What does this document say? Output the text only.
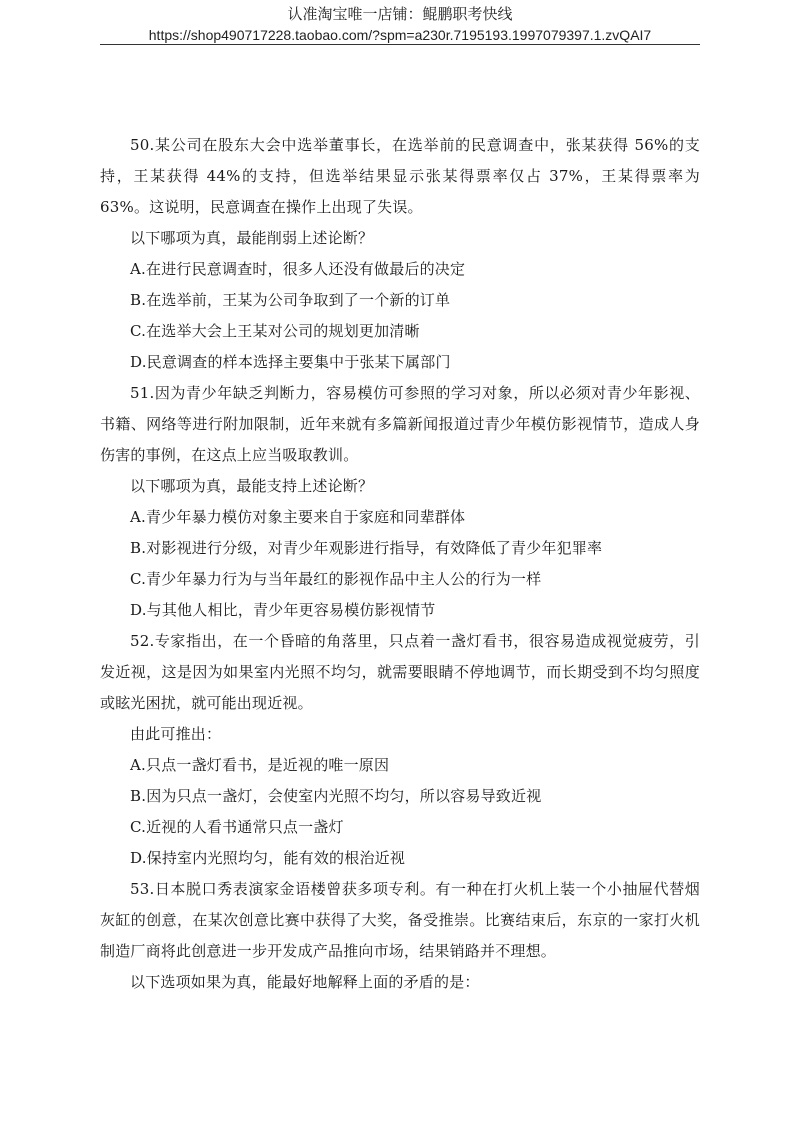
认准淘宝唯一店铺：鲲鹏职考快线
https://shop490717228.taobao.com/?spm=a230r.7195193.1997079397.1.zvQAI7

50.某公司在股东大会中选举董事长，在选举前的民意调查中，张某获得 56%的支持，王某获得 44%的支持，但选举结果显示张某得票率仅占 37%，王某得票率为 63%。这说明，民意调查在操作上出现了失误。

以下哪项为真，最能削弱上述论断？

A.在进行民意调查时，很多人还没有做最后的决定

B.在选举前，王某为公司争取到了一个新的订单

C.在选举大会上王某对公司的规划更加清晰

D.民意调查的样本选择主要集中于张某下属部门

51.因为青少年缺乏判断力，容易模仿可参照的学习对象，所以必须对青少年影视、书籍、网络等进行附加限制，近年来就有多篇新闻报道过青少年模仿影视情节，造成人身伤害的事例，在这点上应当吸取教训。

以下哪项为真，最能支持上述论断？

A.青少年暴力模仿对象主要来自于家庭和同辈群体

B.对影视进行分级，对青少年观影进行指导，有效降低了青少年犯罪率

C.青少年暴力行为与当年最红的影视作品中主人公的行为一样

D.与其他人相比，青少年更容易模仿影视情节

52.专家指出，在一个昏暗的角落里，只点着一盏灯看书，很容易造成视觉疲劳，引发近视，这是因为如果室内光照不均匀，就需要眼睛不停地调节，而长期受到不均匀照度或眩光困扰，就可能出现近视。

由此可推出：

A.只点一盏灯看书，是近视的唯一原因

B.因为只点一盏灯，会使室内光照不均匀，所以容易导致近视

C.近视的人看书通常只点一盏灯

D.保持室内光照均匀，能有效的根治近视

53.日本脱口秀表演家金语楼曾获多项专利。有一种在打火机上装一个小抽屉代替烟灰缸的创意，在某次创意比赛中获得了大奖，备受推崇。比赛结束后，东京的一家打火机制造厂商将此创意进一步开发成产品推向市场，结果销路并不理想。

以下选项如果为真，能最好地解释上面的矛盾的是：
